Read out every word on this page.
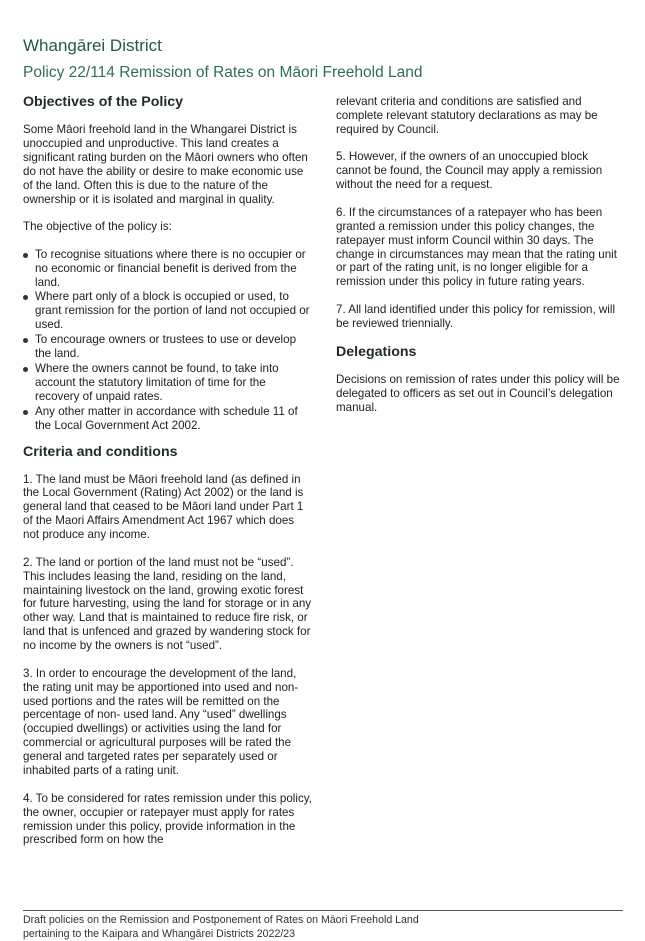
Whangārei District
Policy 22/114 Remission of Rates on Māori Freehold Land
Objectives of the Policy

Some Māori freehold land in the Whangarei District is unoccupied and unproductive. This land creates a significant rating burden on the Māori owners who often do not have the ability or desire to make economic use of the land. Often this is due to the nature of the ownership or it is isolated and marginal in quality.

The objective of the policy is:

To recognise situations where there is no occupier or no economic or financial benefit is derived from the land.
Where part only of a block is occupied or used, to grant remission for the portion of land not occupied or used.
To encourage owners or trustees to use or develop the land.
Where the owners cannot be found, to take into account the statutory limitation of time for the recovery of unpaid rates.
Any other matter in accordance with schedule 11 of the Local Government Act 2002.
Criteria and conditions

1. The land must be Māori freehold land (as defined in the Local Government (Rating) Act 2002) or the land is general land that ceased to be Māori land under Part 1 of the Maori Affairs Amendment Act 1967 which does not produce any income.

2. The land or portion of the land must not be “used”. This includes leasing the land, residing on the land, maintaining livestock on the land, growing exotic forest for future harvesting, using the land for storage or in any other way. Land that is maintained to reduce fire risk, or land that is unfenced and grazed by wandering stock for no income by the owners is not “used”.

3. In order to encourage the development of the land, the rating unit may be apportioned into used and non-used portions and the rates will be remitted on the percentage of non- used land. Any “used” dwellings (occupied dwellings) or activities using the land for commercial or agricultural purposes will be rated the general and targeted rates per separately used or inhabited parts of a rating unit.

4. To be considered for rates remission under this policy, the owner, occupier or ratepayer must apply for rates remission under this policy, provide information in the prescribed form on how the

relevant criteria and conditions are satisfied and complete relevant statutory declarations as may be required by Council.

5. However, if the owners of an unoccupied block cannot be found, the Council may apply a remission without the need for a request.

6. If the circumstances of a ratepayer who has been granted a remission under this policy changes, the ratepayer must inform Council within 30 days. The change in circumstances may mean that the rating unit or part of the rating unit, is no longer eligible for a remission under this policy in future rating years.

7. All land identified under this policy for remission, will be reviewed triennially.

Delegations

Decisions on remission of rates under this policy will be delegated to officers as set out in Council’s delegation manual.

Draft policies on the Remission and Postponement of Rates on Māori Freehold Land pertaining to the Kaipara and Whangārei Districts 2022/23
